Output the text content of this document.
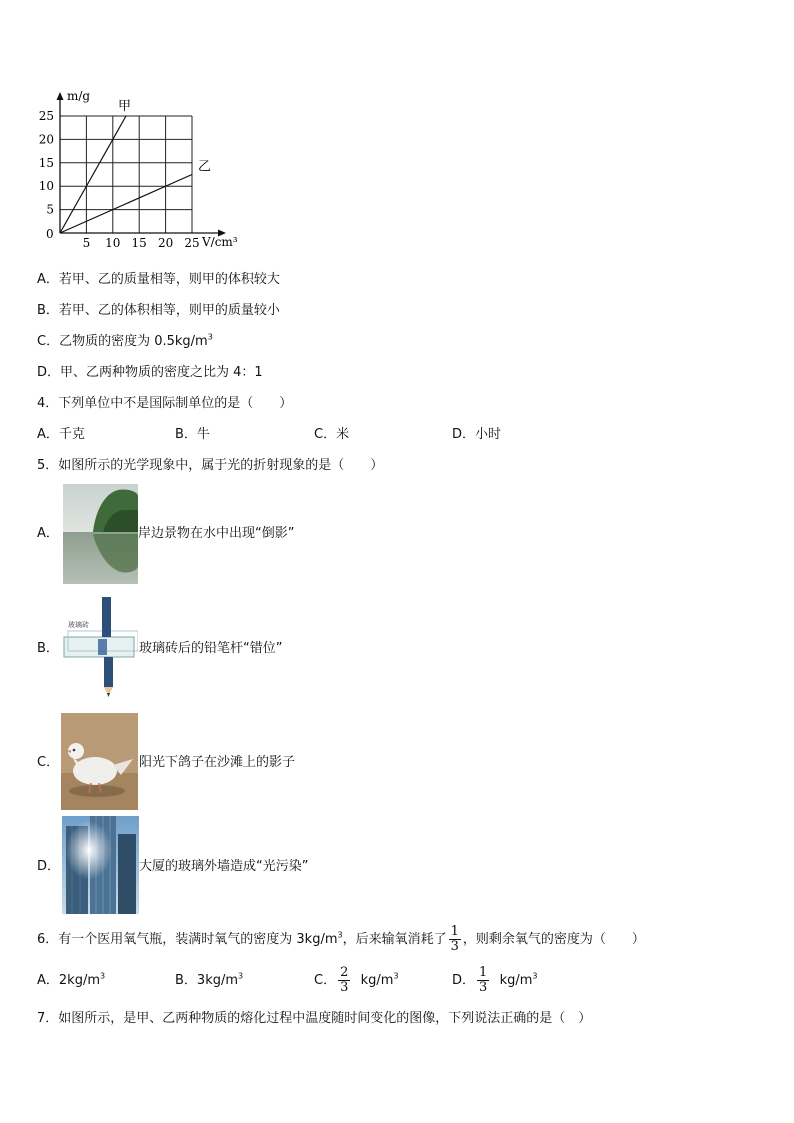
5 10 15 20 25
5
10
15
20
25
甲
乙
m/g
V/cm³
0
A．若甲、乙的质量相等，则甲的体积较大
B．若甲、乙的体积相等，则甲的质量较小
C．乙物质的密度为 $0.5kg/m^3$
D．甲、乙两种物质的密度之比为 4：1
4．下列单位中不是国际制单位的是（　　）
A．千克	B．牛	C．米	D．小时
5．如图所示的光学现象中，属于光的折射现象的是（　　）
A．	岸边景物在水中出现“倒影”
B．
玻璃砖
玻璃砖后的铅笔杆“错位”
C．	阳光下鸽子在沙滩上的影子
D．	大厦的玻璃外墙造成“光污染”
6．有一个医用氧气瓶，装满时氧气的密度为 $3kg/m^3$，后来输氧消耗了 $\frac{1}{3}$ ，则剩余氧气的密度为（　　）
A．$2kg/m^3$	B．$3kg/m^3$	C． $\frac{2}{3} kg/m^3$	D． $\frac{1}{3} kg/m^3$
7．如图所示，是甲、乙两种物质的熔化过程中温度随时间变化的图像，下列说法正确的是（　）
